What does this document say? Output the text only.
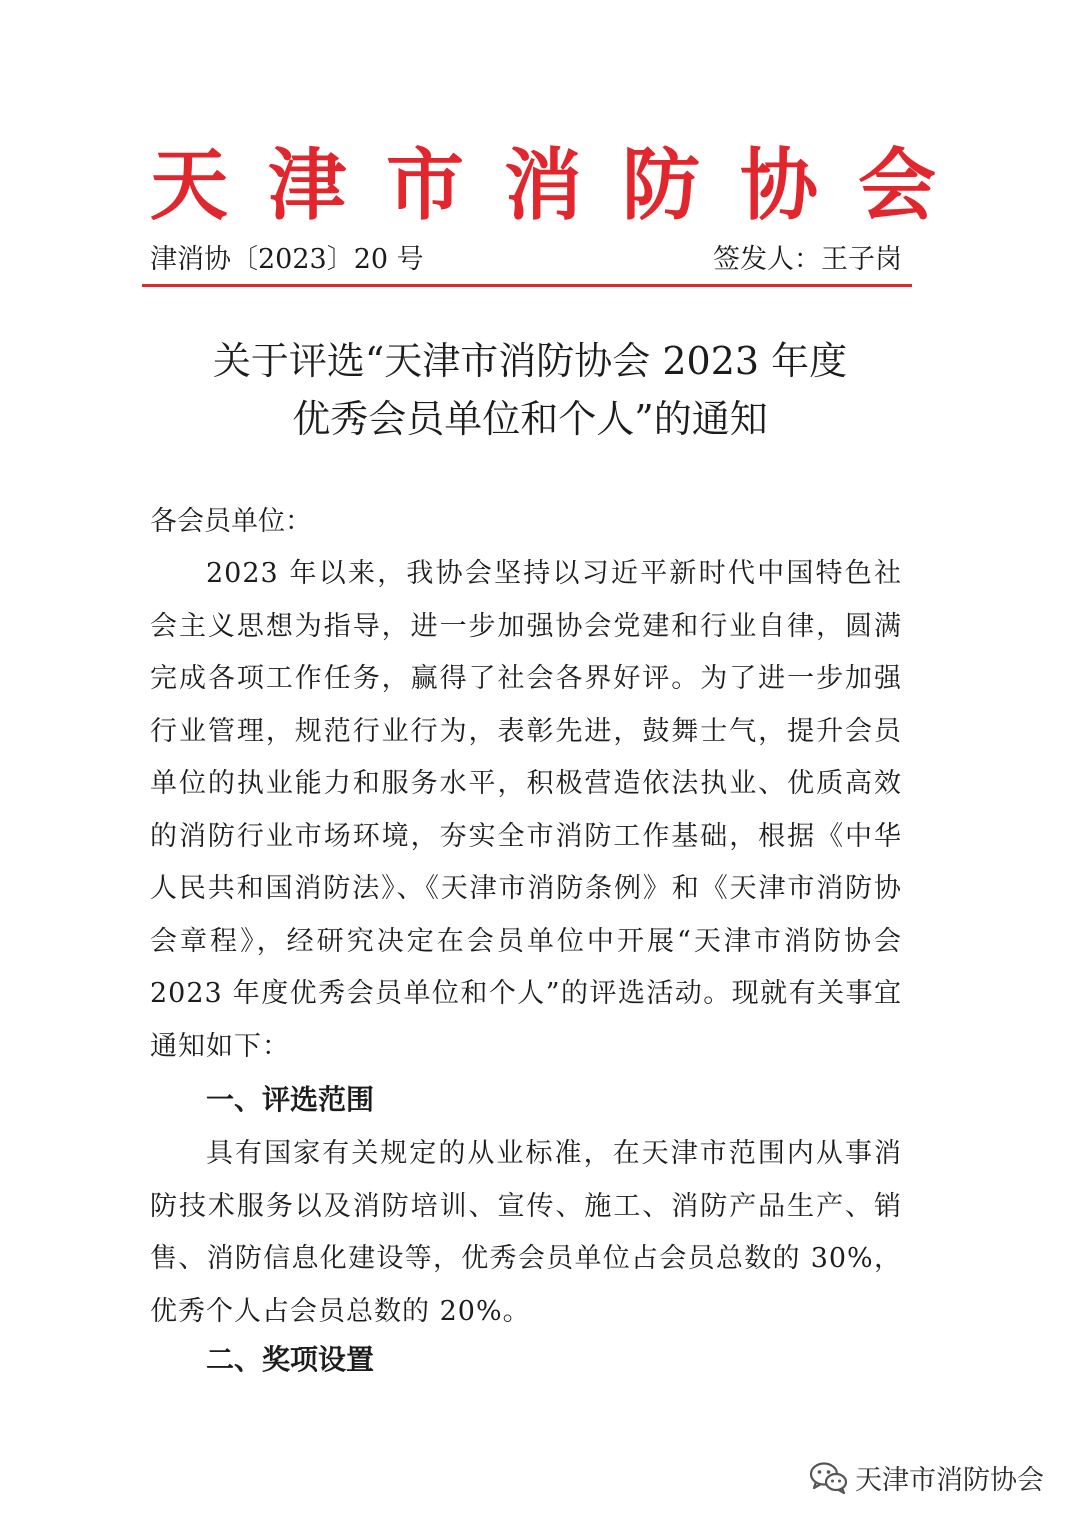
天津市消防协会
津消协〔2023〕20 号	签发人：王子岗
关于评选“天津市消防协会 2023 年度
优秀会员单位和个人”的通知
各会员单位：
2023 年以来，我协会坚持以习近平新时代中国特色社会主义思想为指导，进一步加强协会党建和行业自律，圆满完成各项工作任务，赢得了社会各界好评。为了进一步加强行业管理，规范行业行为，表彰先进，鼓舞士气，提升会员单位的执业能力和服务水平，积极营造依法执业、优质高效的消防行业市场环境，夯实全市消防工作基础，根据《中华人民共和国消防法》、《天津市消防条例》和《天津市消防协会章程》，经研究决定在会员单位中开展“天津市消防协会 2023 年度优秀会员单位和个人”的评选活动。现就有关事宜通知如下：
一、评选范围
具有国家有关规定的从业标准，在天津市范围内从事消防技术服务以及消防培训、宣传、施工、消防产品生产、销售、消防信息化建设等，优秀会员单位占会员总数的 30%，优秀个人占会员总数的 20%。
二、奖项设置
天津市消防协会
